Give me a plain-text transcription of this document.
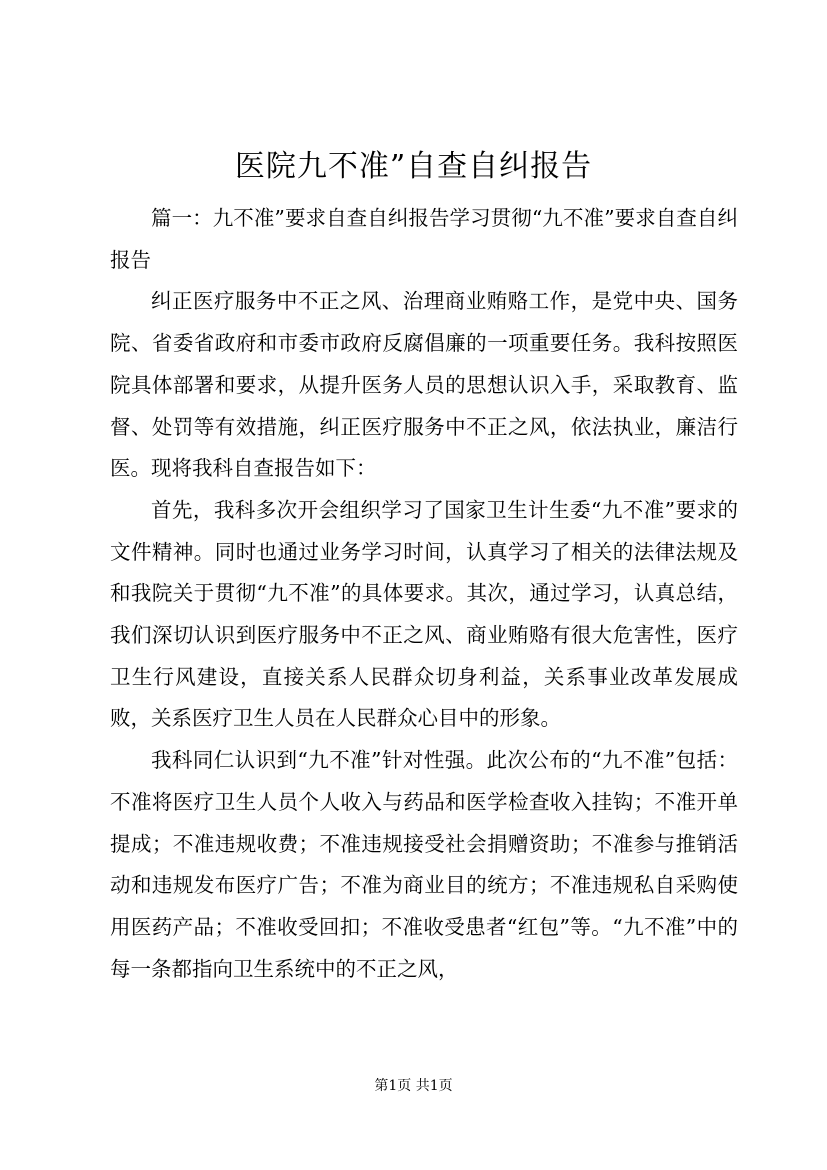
医院九不准”自查自纠报告

篇一：九不准”要求自查自纠报告学习贯彻“九不准”要求自查自纠报告

纠正医疗服务中不正之风、治理商业贿赂工作，是党中央、国务院、省委省政府和市委市政府反腐倡廉的一项重要任务。我科按照医院具体部署和要求，从提升医务人员的思想认识入手，采取教育、监督、处罚等有效措施，纠正医疗服务中不正之风，依法执业，廉洁行医。现将我科自查报告如下：

首先，我科多次开会组织学习了国家卫生计生委“九不准”要求的文件精神。同时也通过业务学习时间，认真学习了相关的法律法规及和我院关于贯彻“九不准”的具体要求。其次，通过学习，认真总结，我们深切认识到医疗服务中不正之风、商业贿赂有很大危害性，医疗卫生行风建设，直接关系人民群众切身利益，关系事业改革发展成败，关系医疗卫生人员在人民群众心目中的形象。

我科同仁认识到“九不准”针对性强。此次公布的“九不准”包括：不准将医疗卫生人员个人收入与药品和医学检查收入挂钩；不准开单提成；不准违规收费；不准违规接受社会捐赠资助；不准参与推销活动和违规发布医疗广告；不准为商业目的统方；不准违规私自采购使用医药产品；不准收受回扣；不准收受患者“红包”等。“九不准”中的每一条都指向卫生系统中的不正之风，

第1页 共1页
